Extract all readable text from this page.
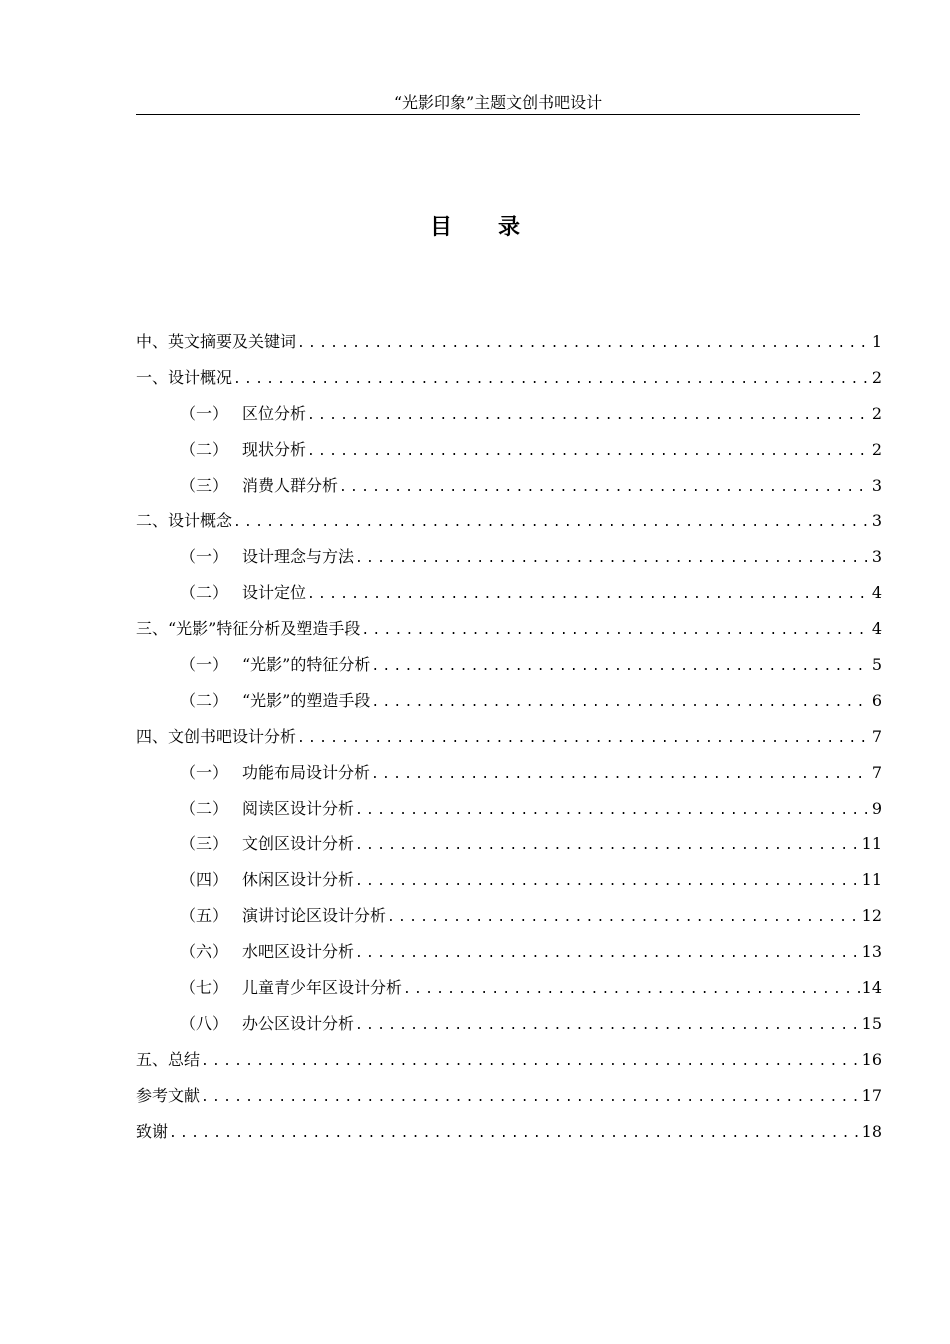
“光影印象”主题文创书吧设计
目 录
中、英文摘要及关键词 .....	1
一、设计概况 .....	2
（一） 区位分析 .....	2
（二） 现状分析 .....	2
（三） 消费人群分析 .....	3
二、设计概念 .....	3
（一） 设计理念与方法 .....	3
（二） 设计定位 .....	4
三、“光影”特征分析及塑造手段 .....	4
（一） “光影”的特征分析 .....	5
（二） “光影”的塑造手段 .....	6
四、文创书吧设计分析 .....	7
（一） 功能布局设计分析 .....	7
（二） 阅读区设计分析 .....	9
（三） 文创区设计分析 .....	11
（四） 休闲区设计分析 .....	11
（五） 演讲讨论区设计分析 .....	12
（六） 水吧区设计分析 .....	13
（七） 儿童青少年区设计分析 .....	14
（八） 办公区设计分析 .....	15
五、总结 .....	16
参考文献 .....	17
致谢 .....	18
